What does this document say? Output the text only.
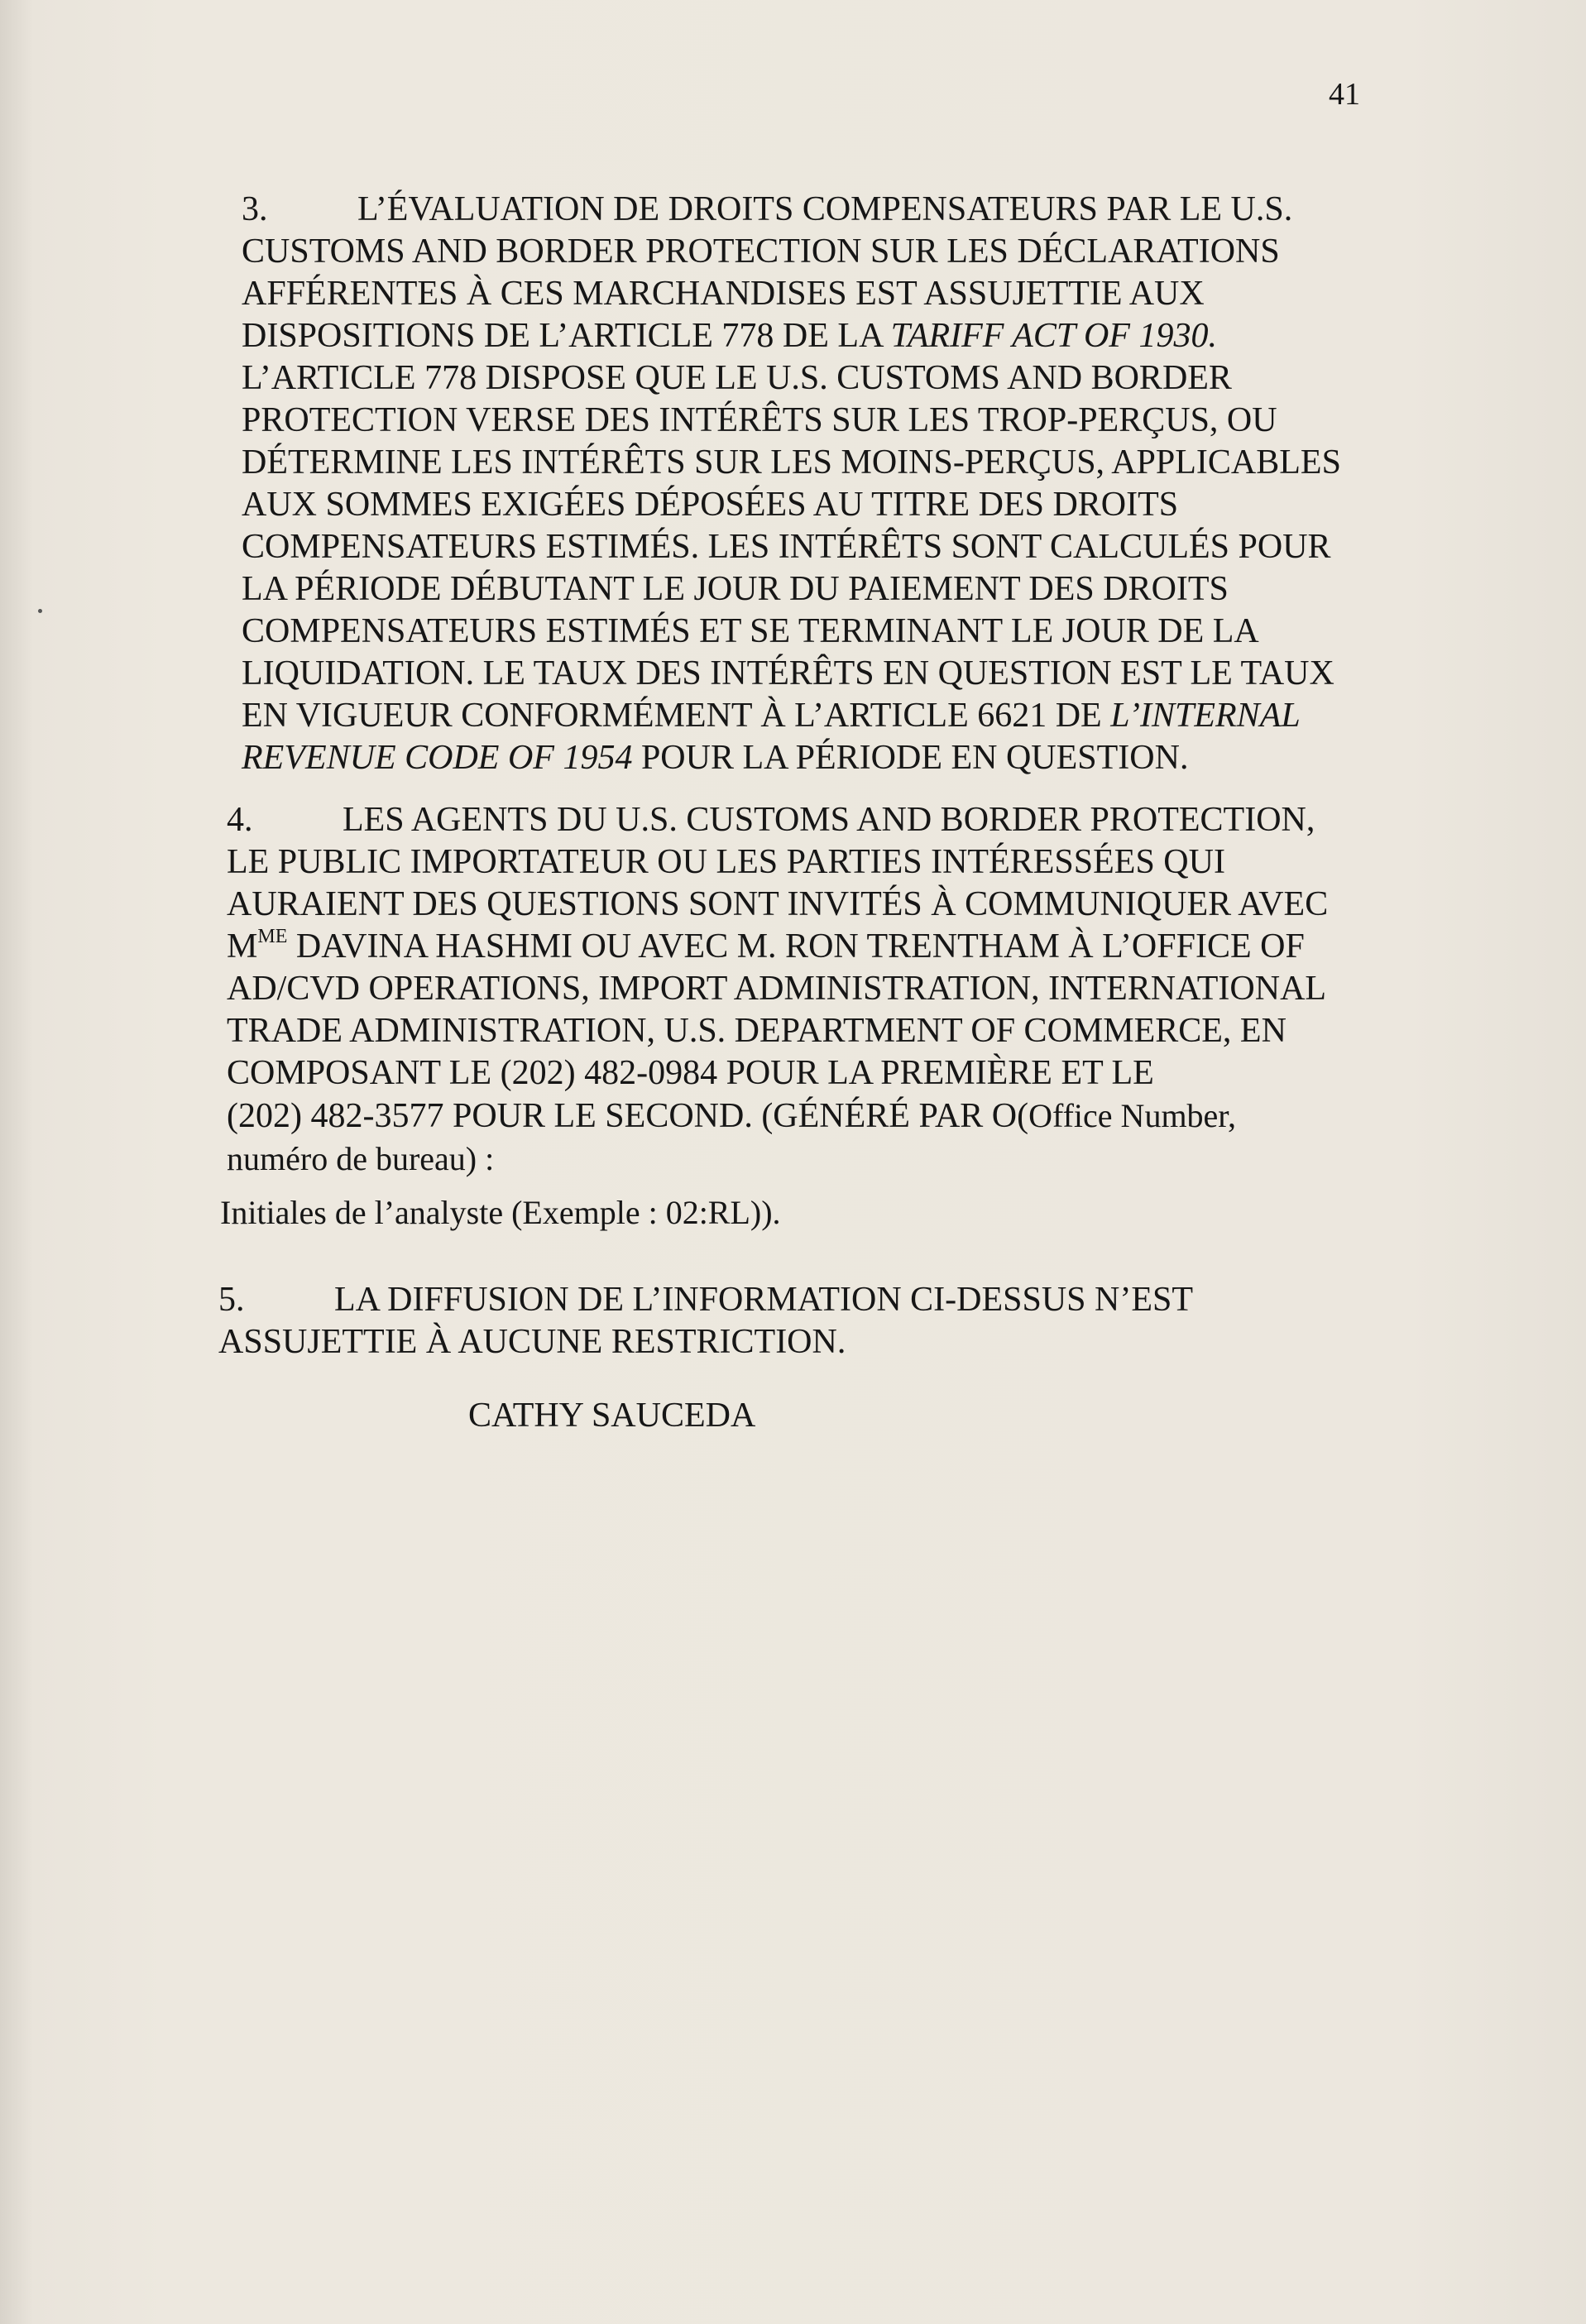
41
3.	L’ÉVALUATION DE DROITS COMPENSATEURS PAR LE U.S.
CUSTOMS AND BORDER PROTECTION SUR LES DÉCLARATIONS
AFFÉRENTES À CES MARCHANDISES EST ASSUJETTIE AUX
DISPOSITIONS DE L’ARTICLE 778 DE LA TARIFF ACT OF 1930.
L’ARTICLE 778 DISPOSE QUE LE U.S. CUSTOMS AND BORDER
PROTECTION VERSE DES INTÉRÊTS SUR LES TROP-PERÇUS, OU
DÉTERMINE LES INTÉRÊTS SUR LES MOINS-PERÇUS, APPLICABLES
AUX SOMMES EXIGÉES DÉPOSÉES AU TITRE DES DROITS
COMPENSATEURS ESTIMÉS. LES INTÉRÊTS SONT CALCULÉS POUR
LA PÉRIODE DÉBUTANT LE JOUR DU PAIEMENT DES DROITS
COMPENSATEURS ESTIMÉS ET SE TERMINANT LE JOUR DE LA
LIQUIDATION. LE TAUX DES INTÉRÊTS EN QUESTION EST LE TAUX
EN VIGUEUR CONFORMÉMENT À L’ARTICLE 6621 DE L’INTERNAL
REVENUE CODE OF 1954 POUR LA PÉRIODE EN QUESTION.
4.	LES AGENTS DU U.S. CUSTOMS AND BORDER PROTECTION,
LE PUBLIC IMPORTATEUR OU LES PARTIES INTÉRESSÉES QUI
AURAIENT DES QUESTIONS SONT INVITÉS À COMMUNIQUER AVEC
$M^{ME}$ DAVINA HASHMI OU AVEC M. RON TRENTHAM À L’OFFICE OF
AD/CVD OPERATIONS, IMPORT ADMINISTRATION, INTERNATIONAL
TRADE ADMINISTRATION, U.S. DEPARTMENT OF COMMERCE, EN
COMPOSANT LE (202) 482-0984 POUR LA PREMIÈRE ET LE
(202) 482-3577 POUR LE SECOND. (GÉNÉRÉ PAR O(Office Number,
numéro de bureau) :
Initiales de l’analyste (Exemple : 02:RL)).
5.	LA DIFFUSION DE L’INFORMATION CI-DESSUS N’EST
ASSUJETTIE À AUCUNE RESTRICTION.
CATHY SAUCEDA
